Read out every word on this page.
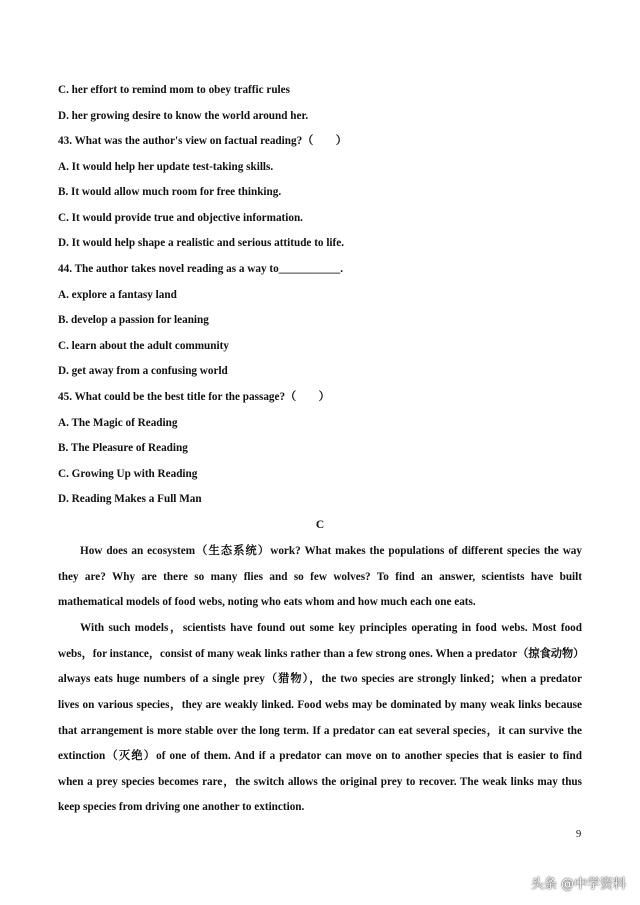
C. her effort to remind mom to obey traffic rules
D. her growing desire to know the world around her.
43. What was the author's view on factual reading?（　　）
A. It would help her update test-taking skills.
B. It would allow much room for free thinking.
C. It would provide true and objective information.
D. It would help shape a realistic and serious attitude to life.
44. The author takes novel reading as a way to___________.
A. explore a fantasy land
B. develop a passion for leaning
C. learn about the adult community
D. get away from a confusing world
45. What could be the best title for the passage?（　　）
A. The Magic of Reading
B. The Pleasure of Reading
C. Growing Up with Reading
D. Reading Makes a Full Man
C
How does an ecosystem（生态系统）work? What makes the populations of different species the way
they are? Why are there so many flies and so few wolves? To find an answer, scientists have built
mathematical models of food webs, noting who eats whom and how much each one eats.
With such models，scientists have found out some key principles operating in food webs. Most food
webs，for instance，consist of many weak links rather than a few strong ones. When a predator（掠食动物）
always eats huge numbers of a single prey（猎物），the two species are strongly linked；when a predator
lives on various species，they are weakly linked. Food webs may be dominated by many weak links because
that arrangement is more stable over the long term. If a predator can eat several species，it can survive the
extinction（灭绝）of one of them. And if a predator can move on to another species that is easier to find
when a prey species becomes rare，the switch allows the original prey to recover. The weak links may thus
keep species from driving one another to extinction.
9
头条 @中学资料
